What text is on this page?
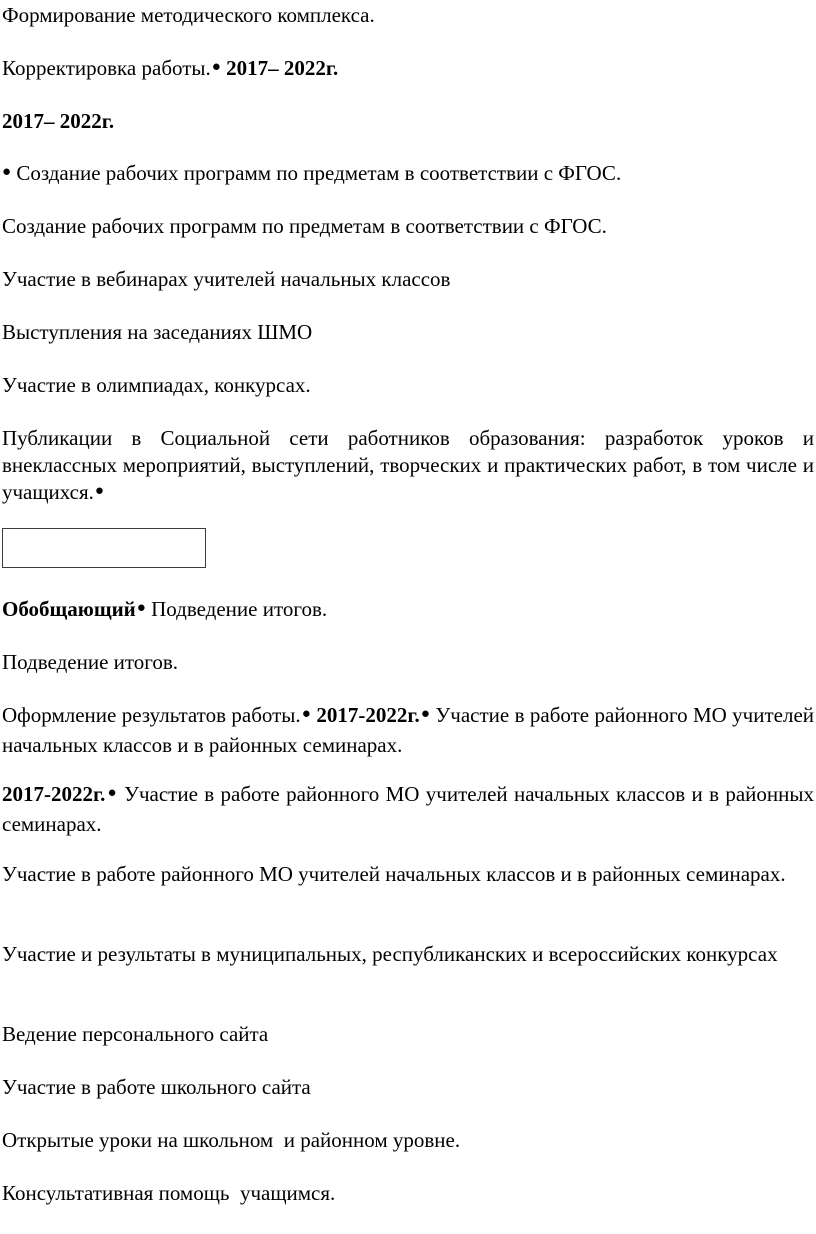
Формирование методического комплекса.

Корректировка работы.● 2017– 2022г.

2017– 2022г.

● Создание рабочих программ по предметам в соответствии с ФГОС.

Создание рабочих программ по предметам в соответствии с ФГОС.

Участие в вебинарах учителей начальных классов

Выступления на заседаниях ШМО

Участие в олимпиадах, конкурсах.

Публикации в Социальной сети работников образования: разработок уроков и внеклассных мероприятий, выступлений, творческих и практических работ, в том числе и учащихся.●

Обобщающий● Подведение итогов.

Подведение итогов.

Оформление результатов работы.● 2017-2022г.● Участие в работе районного МО учителей начальных классов и в районных семинарах.

2017-2022г.● Участие в работе районного МО учителей начальных классов и в районных семинарах.

Участие в работе районного МО учителей начальных классов и в районных семинарах.

Участие и результаты в муниципальных, республиканских и всероссийских конкурсах

Ведение персонального сайта

Участие в работе школьного сайта

Открытые уроки на школьном  и районном уровне.

Консультативная помощь  учащимся.
